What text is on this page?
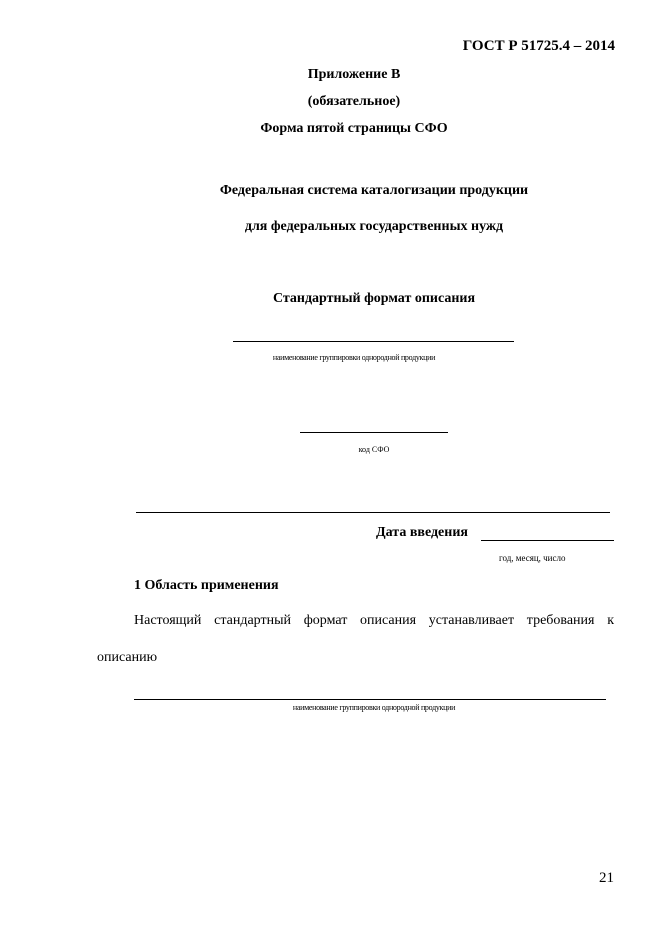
ГОСТ Р 51725.4 – 2014
Приложение В
(обязательное)
Форма пятой страницы СФО
Федеральная система каталогизации продукции
для федеральных государственных нужд
Стандартный формат описания
наименование группировки однородной продукции
код СФО
Дата введения
год, месяц, число
1 Область применения
Настоящий стандартный формат описания устанавливает требования к
описанию
наименование группировки однородной продукции
21
